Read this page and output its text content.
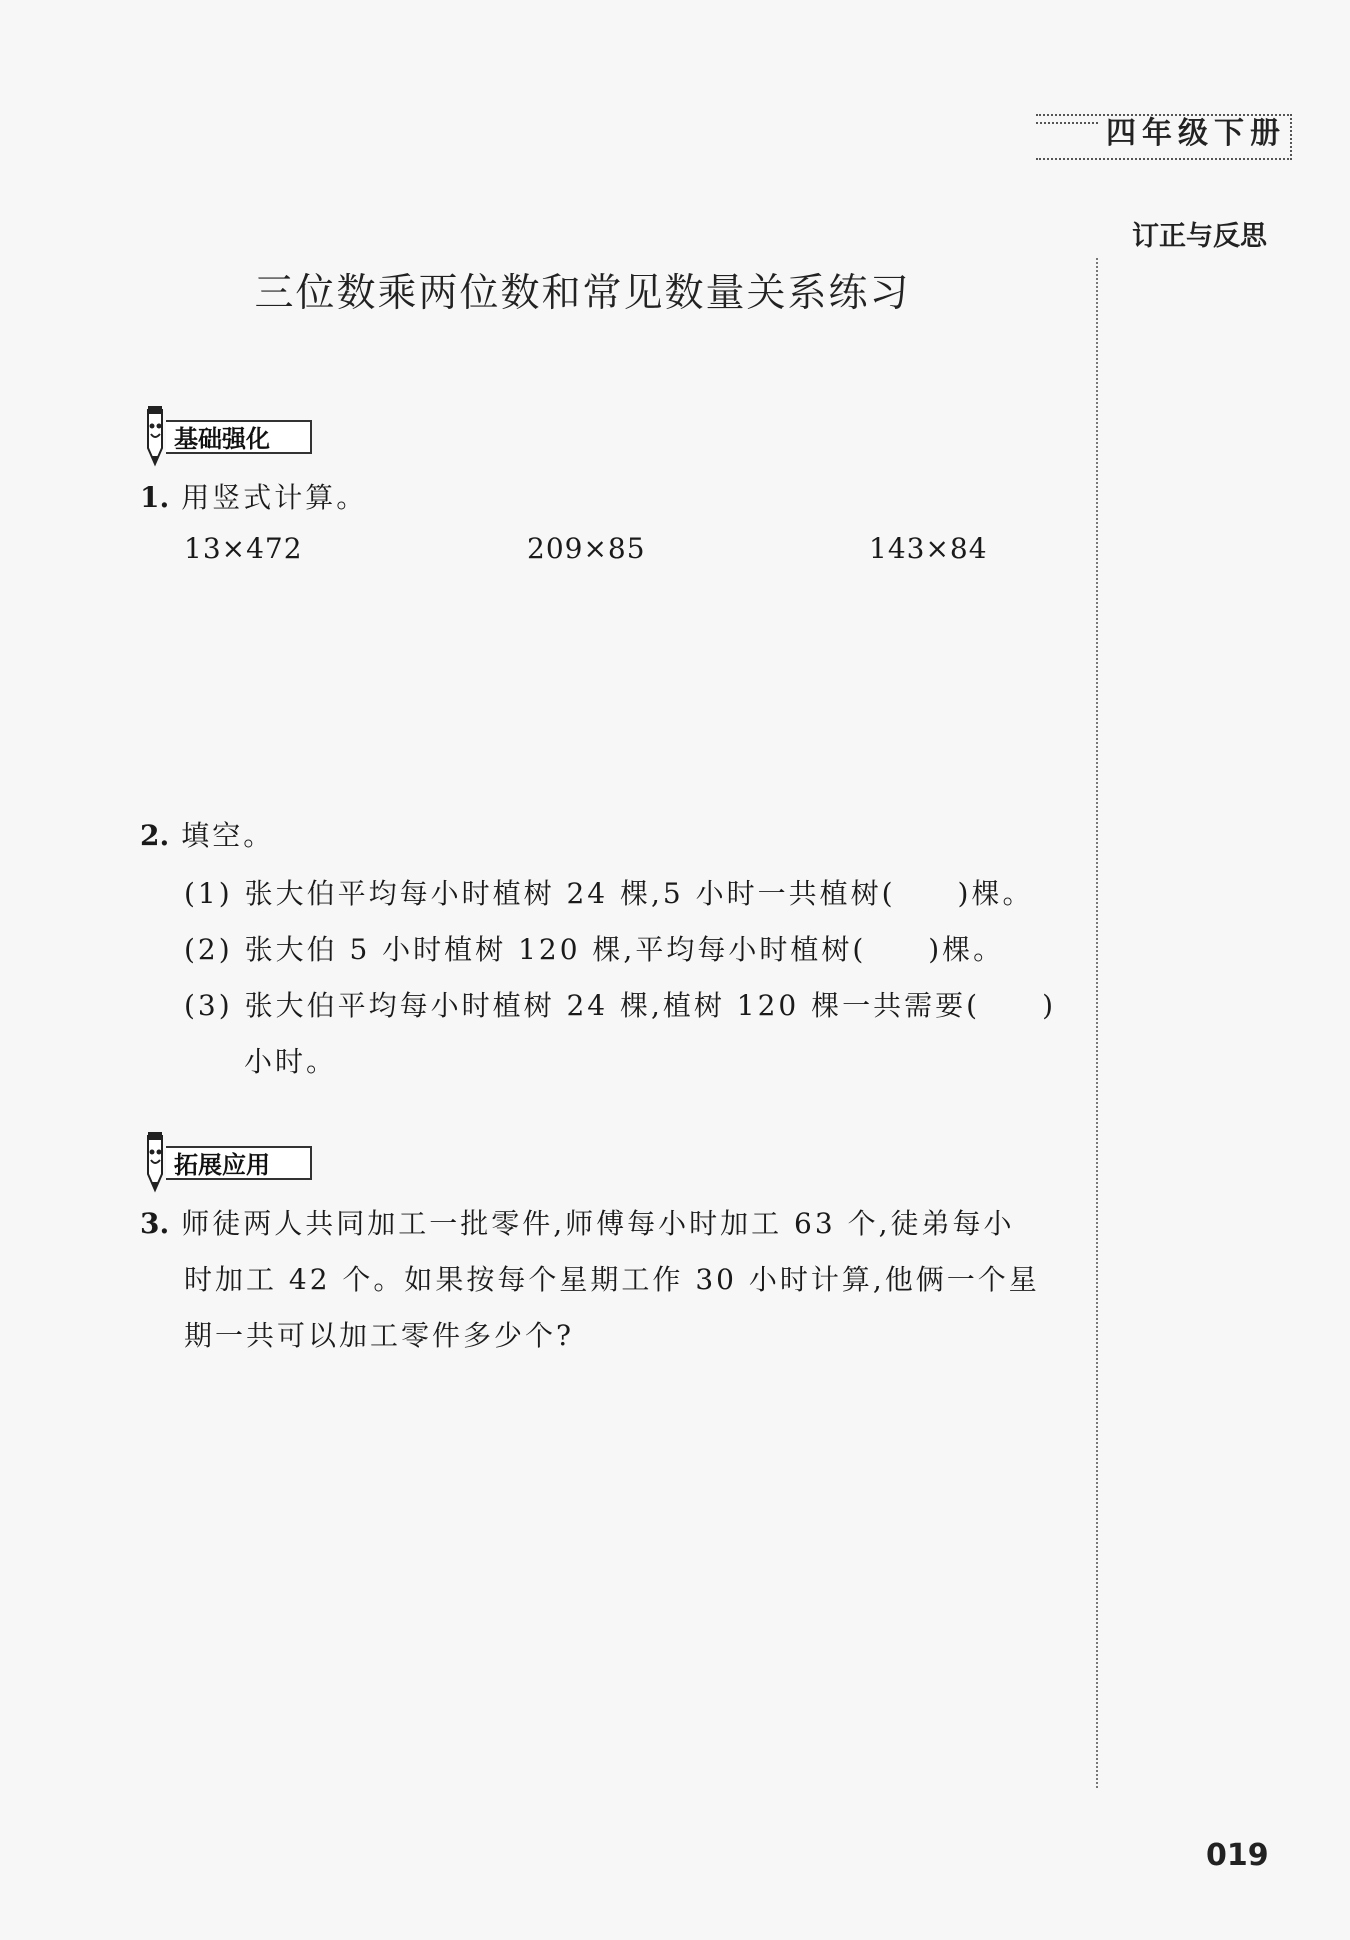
四年级下册
订正与反思
三位数乘两位数和常见数量关系练习
基础强化
1. 用竖式计算。
13×472	209×85	143×84
2. 填空。
(1) 张大伯平均每小时植树 24 棵,5 小时一共植树(　　)棵。
(2) 张大伯 5 小时植树 120 棵,平均每小时植树(　　)棵。
(3) 张大伯平均每小时植树 24 棵,植树 120 棵一共需要(　　)
小时。
拓展应用
3. 师徒两人共同加工一批零件,师傅每小时加工 63 个,徒弟每小
时加工 42 个。如果按每个星期工作 30 小时计算,他俩一个星
期一共可以加工零件多少个?
019
